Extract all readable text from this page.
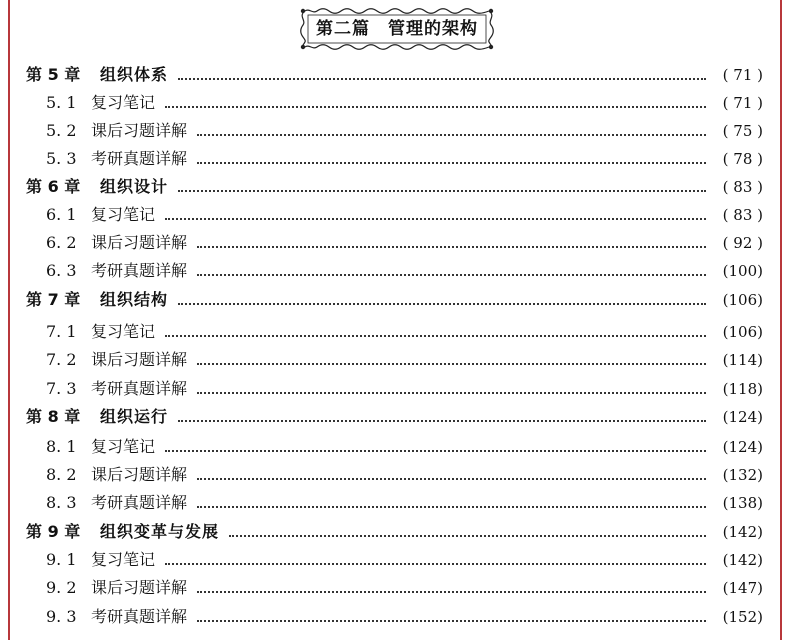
第二篇　管理的架构
第 5 章 组织体系	( 71 )
5. 1 复习笔记	( 71 )
5. 2 课后习题详解	( 75 )
5. 3 考研真题详解	( 78 )
第 6 章 组织设计	( 83 )
6. 1 复习笔记	( 83 )
6. 2 课后习题详解	( 92 )
6. 3 考研真题详解	(100)
第 7 章 组织结构	(106)
7. 1 复习笔记	(106)
7. 2 课后习题详解	(114)
7. 3 考研真题详解	(118)
第 8 章 组织运行	(124)
8. 1 复习笔记	(124)
8. 2 课后习题详解	(132)
8. 3 考研真题详解	(138)
第 9 章 组织变革与发展	(142)
9. 1 复习笔记	(142)
9. 2 课后习题详解	(147)
9. 3 考研真题详解	(152)
